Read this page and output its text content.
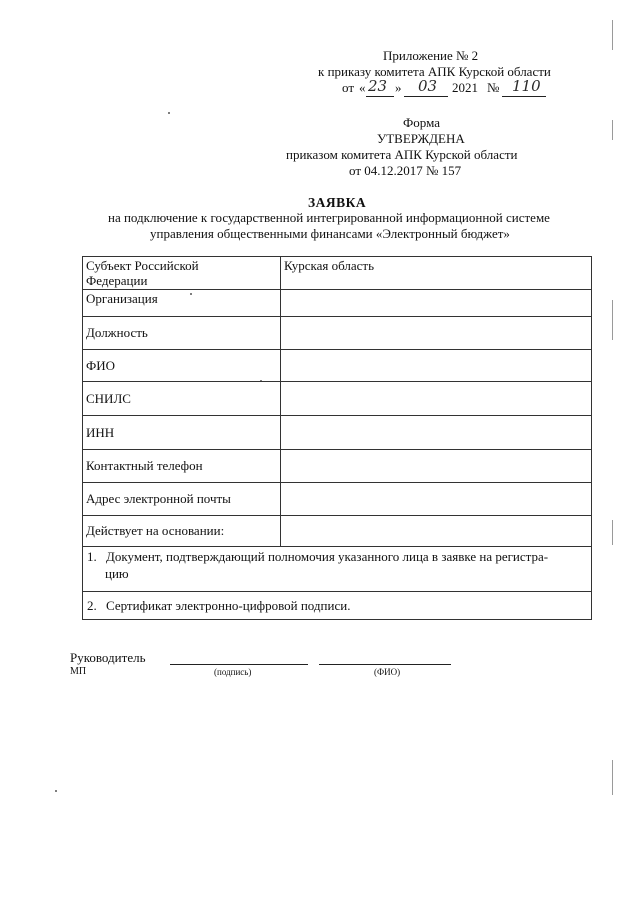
Приложение № 2
к приказу комитета АПК Курской области
от « 23 » 03 2021 № 110
Форма
УТВЕРЖДЕНА
приказом комитета АПК Курской области
от 04.12.2017 № 157
ЗАЯВКА
на подключение к государственной интегрированной информационной системе
управления общественными финансами «Электронный бюджет»
Субъект Российской Федерации	Курская область
Организация	
Должность	
ФИО	
СНИЛС	
ИНН	
Контактный телефон	
Адрес электронной почты	
Действует на основании:	
1. Документ, подтверждающий полномочия указанного лица в заявке на регистра-
цию	
2. Сертификат электронно-цифровой подписи.	
Руководитель
МП	(подпись)	(ФИО)
